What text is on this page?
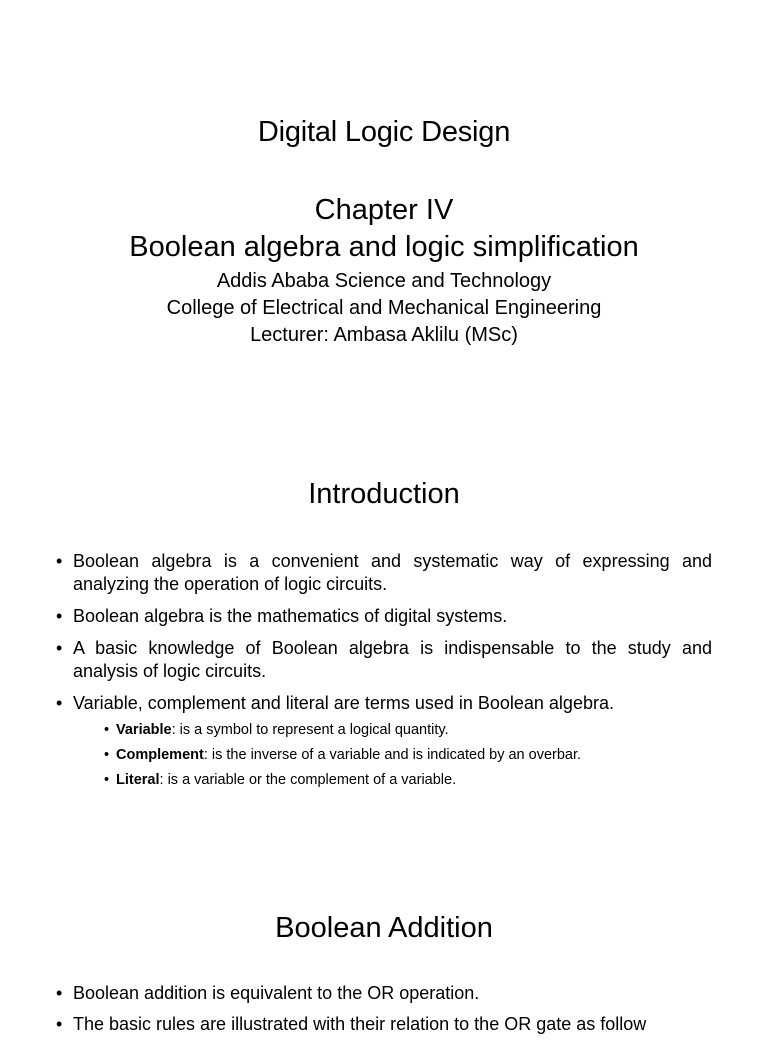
Digital Logic Design
Chapter IV
Boolean algebra and logic simplification
Addis Ababa Science and Technology
College of Electrical and Mechanical Engineering
Lecturer: Ambasa Aklilu (MSc)
Introduction
• Boolean algebra is a convenient and systematic way of expressing and analyzing the operation of logic circuits.
• Boolean algebra is the mathematics of digital systems.
• A basic knowledge of Boolean algebra is indispensable to the study and analysis of logic circuits.
• Variable, complement and literal are terms used in Boolean algebra.
• Variable: is a symbol to represent a logical quantity.
• Complement: is the inverse of a variable and is indicated by an overbar.
• Literal: is a variable or the complement of a variable.
Boolean Addition
• Boolean addition is equivalent to the OR operation.
• The basic rules are illustrated with their relation to the OR gate as follow
